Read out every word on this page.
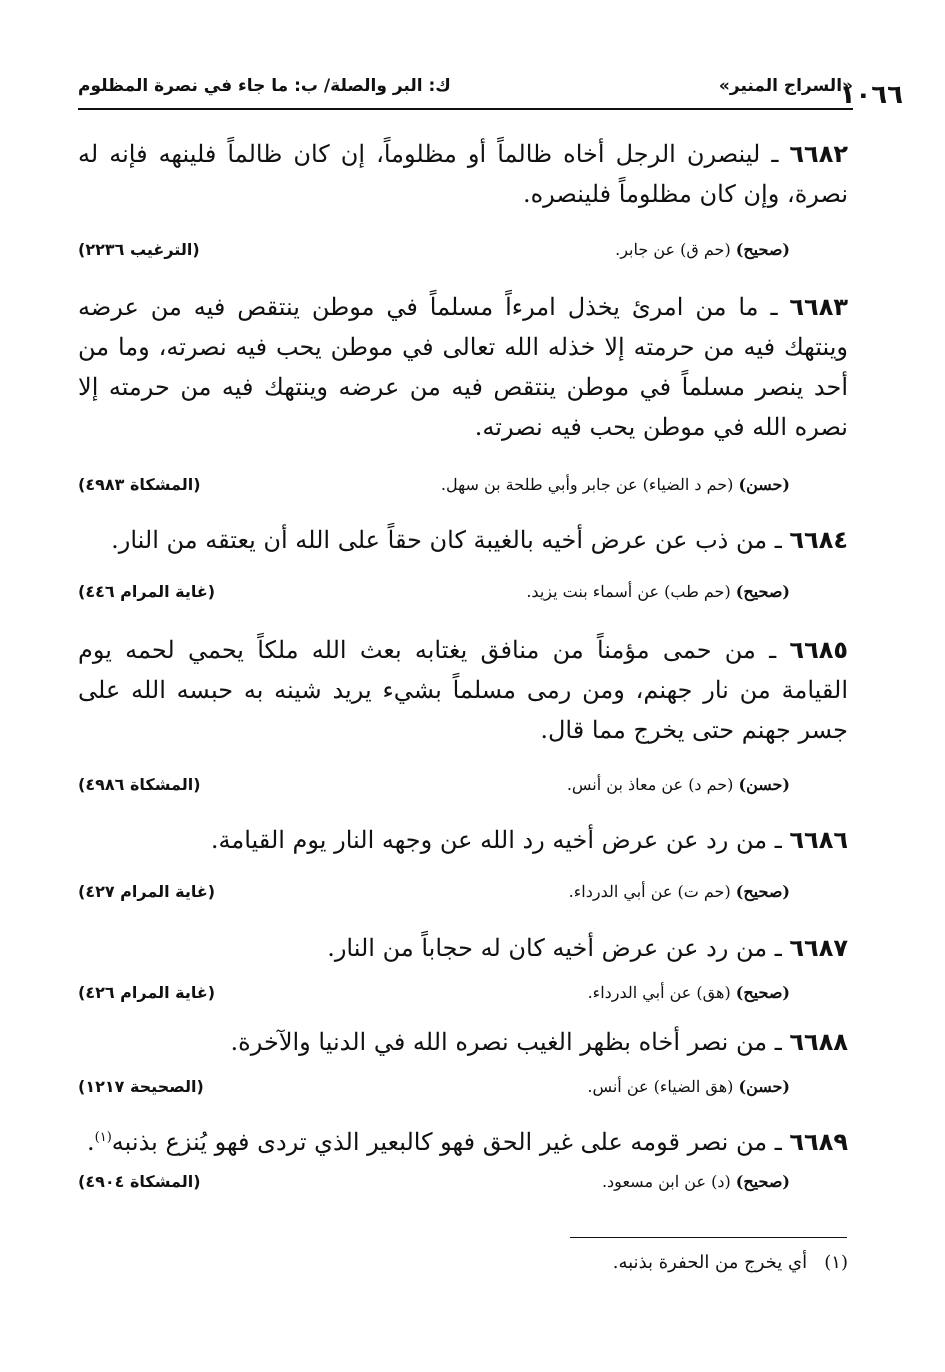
١٠٦٦
«السراج المنير»
ك: البر والصلة/ ب: ما جاء في نصرة المظلوم
٦٦٨٢ ـ لينصرن الرجل أخاه ظالماً أو مظلوماً، إن كان ظالماً فلينهه فإنه له نصرة، وإن كان مظلوماً فلينصره.
(صحيح) (حم ق) عن جابر.
(الترغيب ٢٢٣٦)
٦٦٨٣ ـ ما من امرئ يخذل امرءاً مسلماً في موطن ينتقص فيه من عرضه وينتهك فيه من حرمته إلا خذله الله تعالى في موطن يحب فيه نصرته، وما من أحد ينصر مسلماً في موطن ينتقص فيه من عرضه وينتهك فيه من حرمته إلا نصره الله في موطن يحب فيه نصرته.
(حسن) (حم د الضياء) عن جابر وأبي طلحة بن سهل.
(المشكاة ٤٩٨٣)
٦٦٨٤ ـ من ذب عن عرض أخيه بالغيبة كان حقاً على الله أن يعتقه من النار.
(صحيح) (حم طب) عن أسماء بنت يزيد.
(غاية المرام ٤٤٦)
٦٦٨٥ ـ من حمى مؤمناً من منافق يغتابه بعث الله ملكاً يحمي لحمه يوم القيامة من نار جهنم، ومن رمى مسلماً بشيء يريد شينه به حبسه الله على جسر جهنم حتى يخرج مما قال.
(حسن) (حم د) عن معاذ بن أنس.
(المشكاة ٤٩٨٦)
٦٦٨٦ ـ من رد عن عرض أخيه رد الله عن وجهه النار يوم القيامة.
(صحيح) (حم ت) عن أبي الدرداء.
(غاية المرام ٤٢٧)
٦٦٨٧ ـ من رد عن عرض أخيه كان له حجاباً من النار.
(صحيح) (هق) عن أبي الدرداء.
(غاية المرام ٤٢٦)
٦٦٨٨ ـ من نصر أخاه بظهر الغيب نصره الله في الدنيا والآخرة.
(حسن) (هق الضياء) عن أنس.
(الصحيحة ١٢١٧)
٦٦٨٩ ـ من نصر قومه على غير الحق فهو كالبعير الذي تردى فهو يُنزع بذنبه$^{(١)}$.
(صحيح) (د) عن ابن مسعود.
(المشكاة ٤٩٠٤)
(١)   أي يخرج من الحفرة بذنبه.
